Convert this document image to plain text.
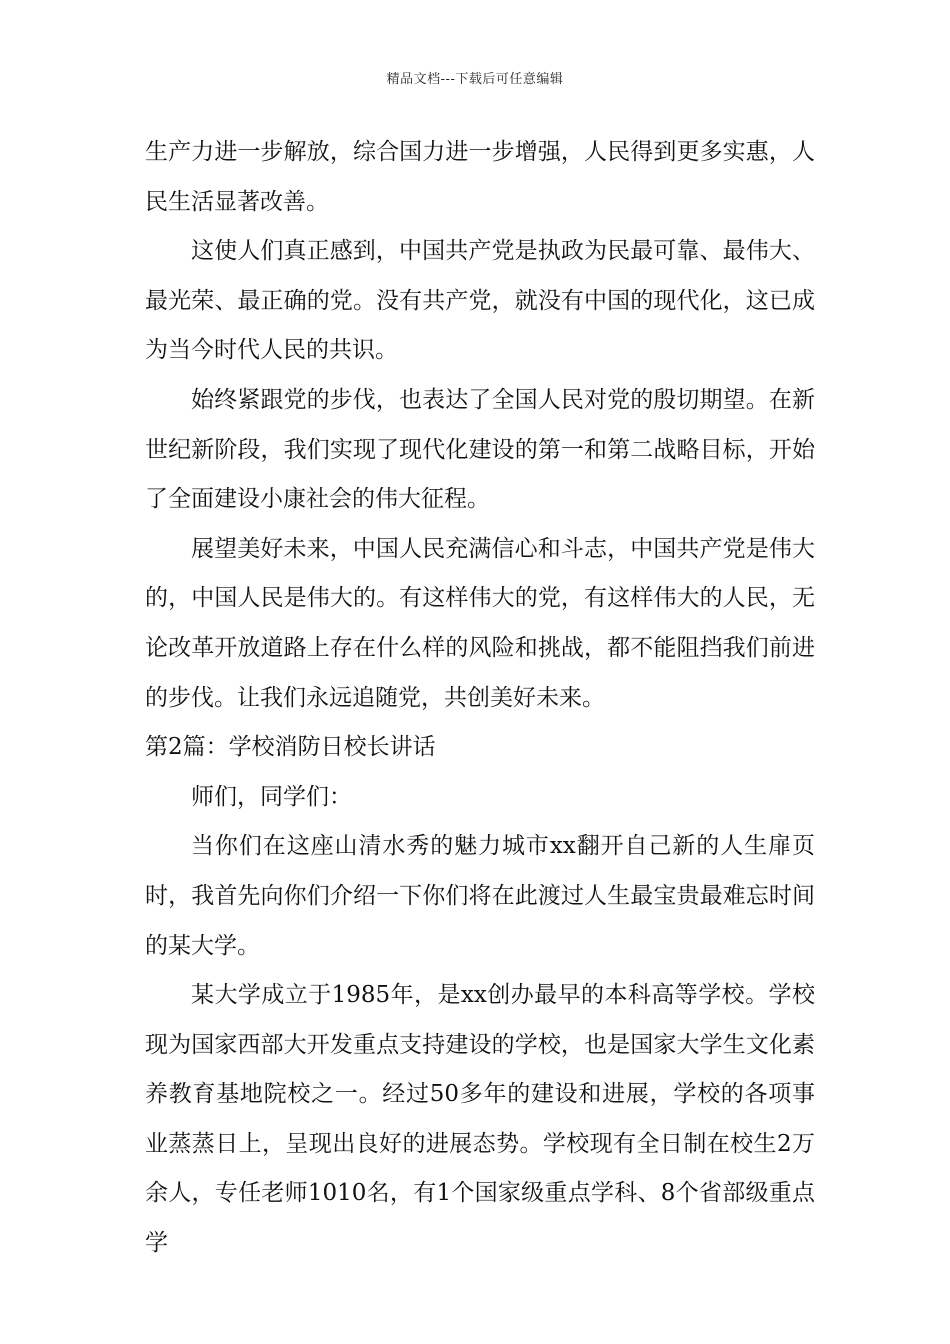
精品文档---下载后可任意编辑

生产力进一步解放，综合国力进一步增强，人民得到更多实惠，人民生活显著改善。

这使人们真正感到，中国共产党是执政为民最可靠、最伟大、最光荣、最正确的党。没有共产党，就没有中国的现代化，这已成为当今时代人民的共识。

始终紧跟党的步伐，也表达了全国人民对党的殷切期望。在新世纪新阶段，我们实现了现代化建设的第一和第二战略目标，开始了全面建设小康社会的伟大征程。

展望美好未来，中国人民充满信心和斗志，中国共产党是伟大的，中国人民是伟大的。有这样伟大的党，有这样伟大的人民，无论改革开放道路上存在什么样的风险和挑战，都不能阻挡我们前进的步伐。让我们永远追随党，共创美好未来。

第2篇：学校消防日校长讲话

师们，同学们：

当你们在这座山清水秀的魅力城市xx翻开自己新的人生扉页时，我首先向你们介绍一下你们将在此渡过人生最宝贵最难忘时间的某大学。

某大学成立于1985年，是xx创办最早的本科高等学校。学校现为国家西部大开发重点支持建设的学校，也是国家大学生文化素养教育基地院校之一。经过50多年的建设和进展，学校的各项事业蒸蒸日上，呈现出良好的进展态势。学校现有全日制在校生2万余人，专任老师1010名，有1个国家级重点学科、8个省部级重点学
